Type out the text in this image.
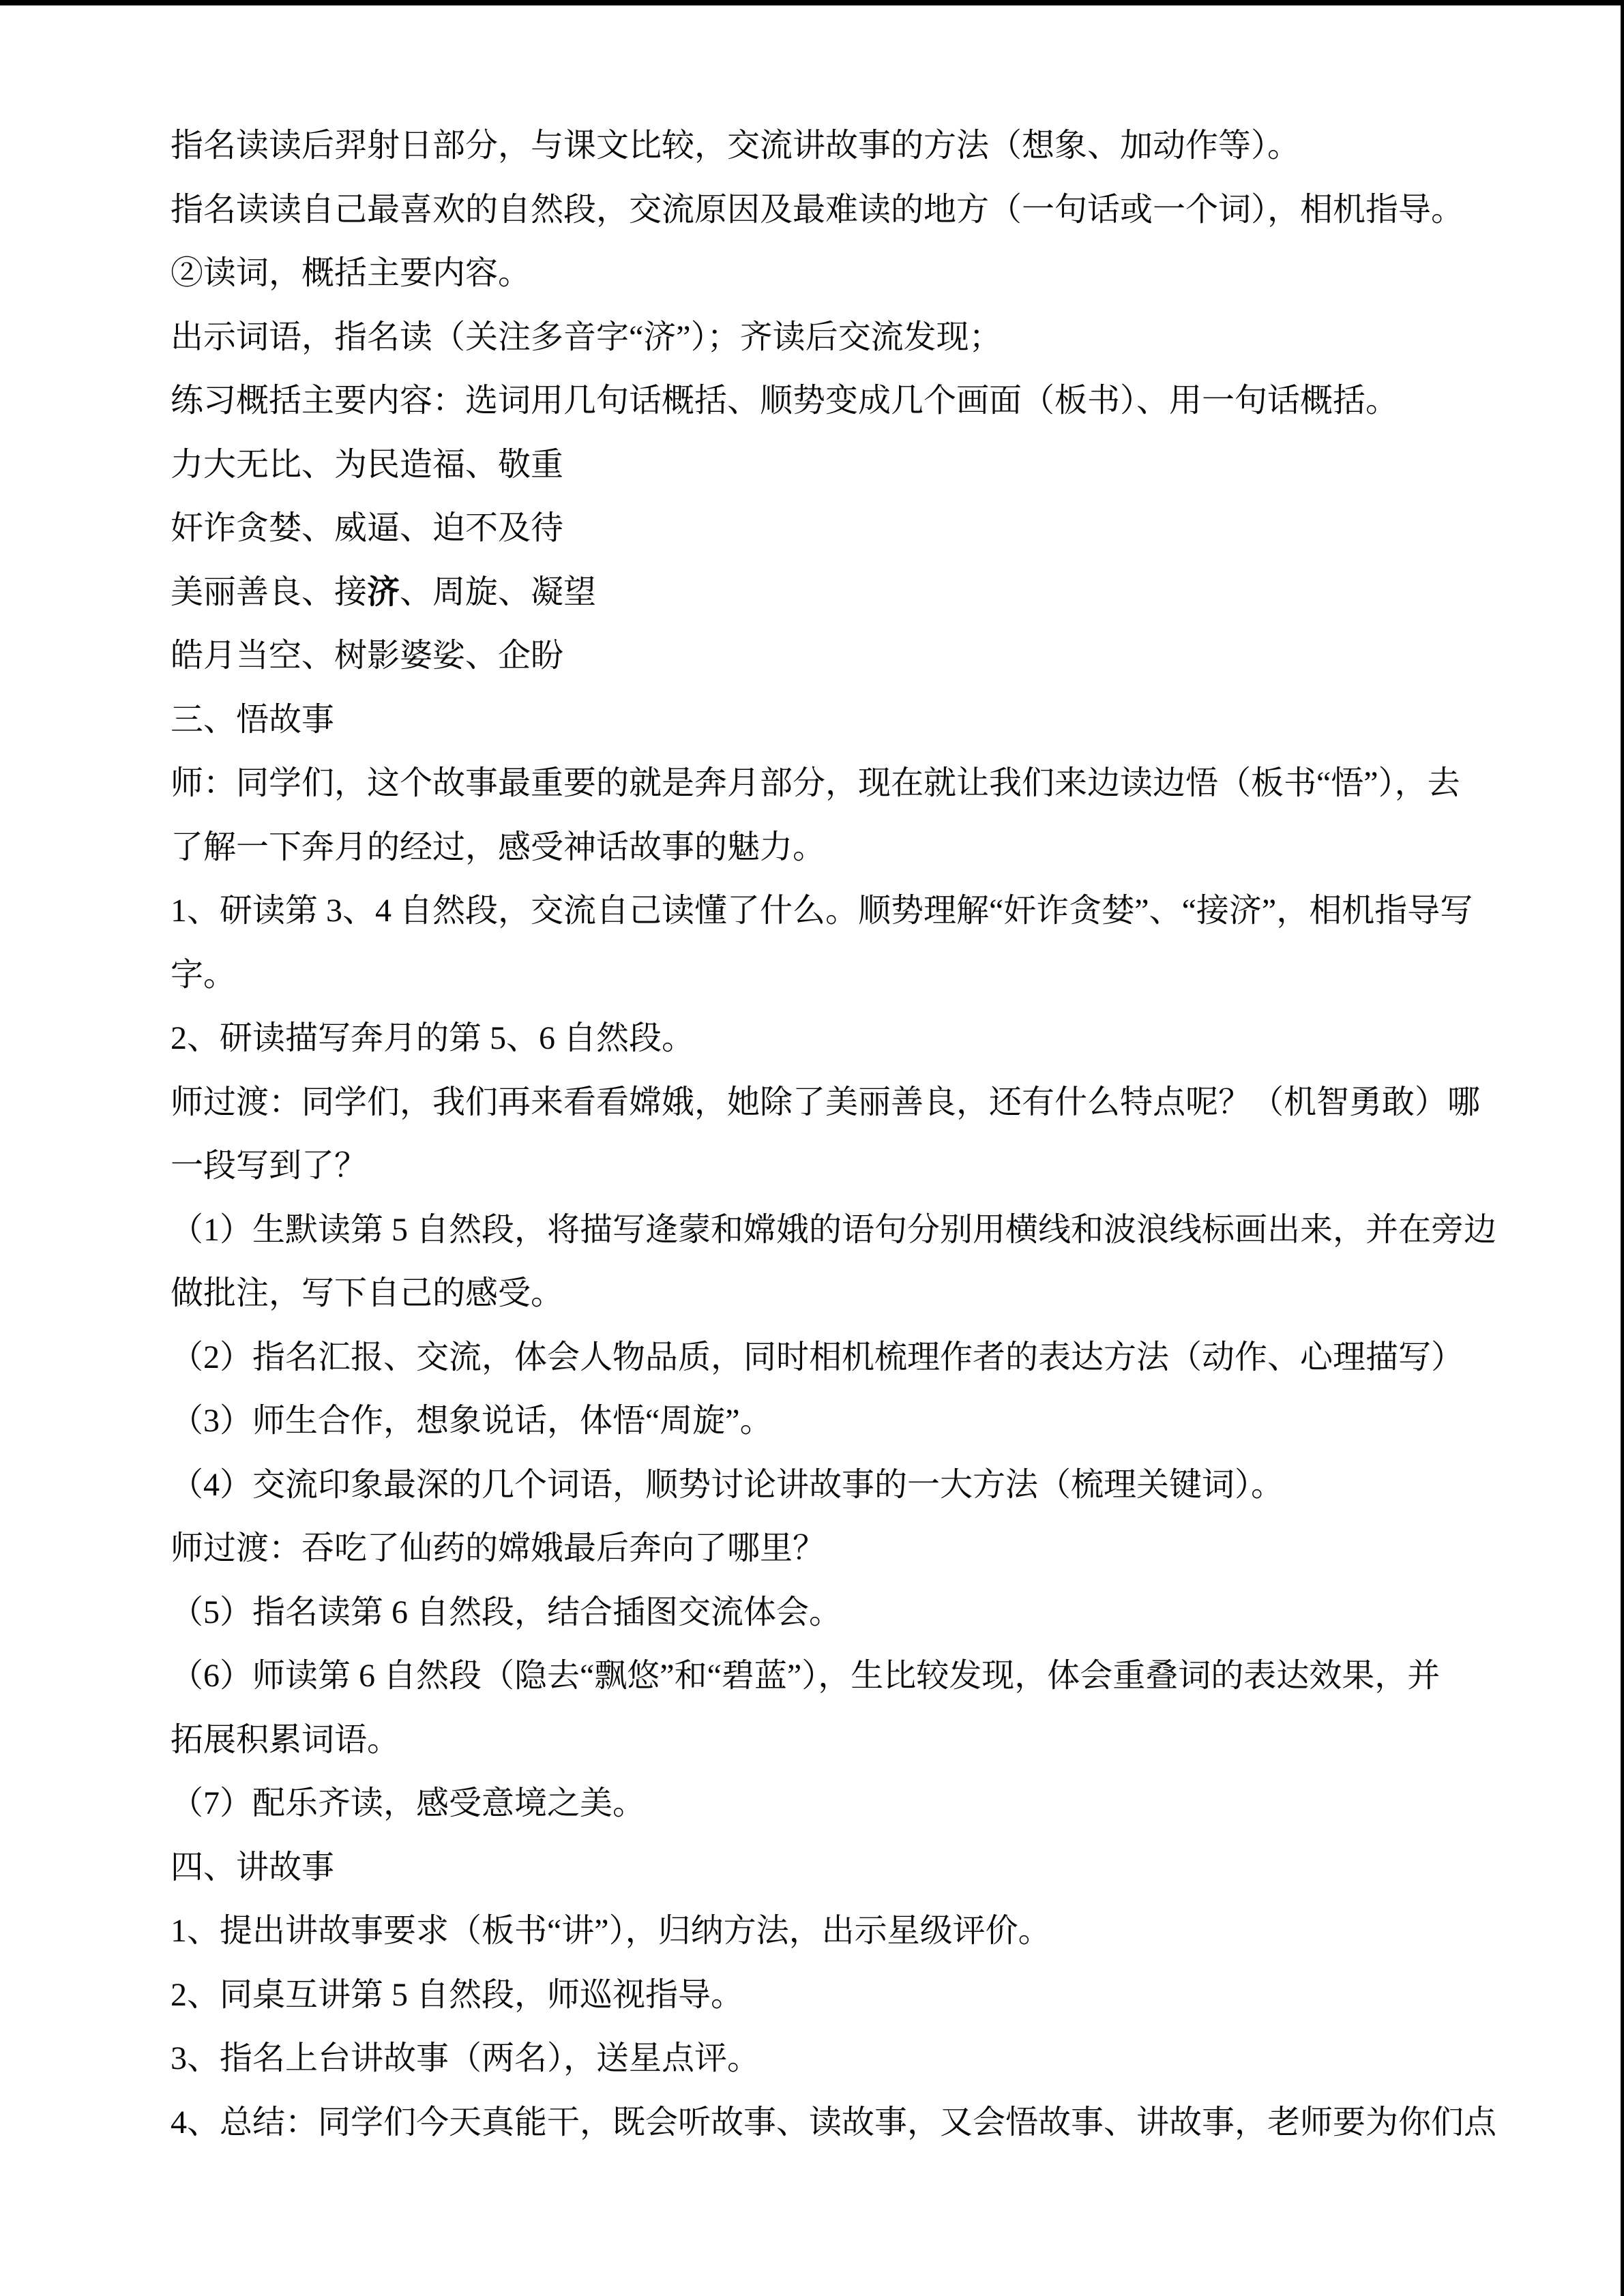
指名读读后羿射日部分，与课文比较，交流讲故事的方法（想象、加动作等）。

指名读读自己最喜欢的自然段，交流原因及最难读的地方（一句话或一个词），相机指导。

②读词，概括主要内容。

出示词语，指名读（关注多音字“济”）；齐读后交流发现；

练习概括主要内容：选词用几句话概括、顺势变成几个画面（板书）、用一句话概括。

力大无比、为民造福、敬重

奸诈贪婪、威逼、迫不及待

美丽善良、接济、周旋、凝望

皓月当空、树影婆娑、企盼

三、悟故事

师：同学们，这个故事最重要的就是奔月部分，现在就让我们来边读边悟（板书“悟”），去

了解一下奔月的经过，感受神话故事的魅力。

1、研读第 3、4 自然段，交流自己读懂了什么。顺势理解“奸诈贪婪”、“接济”，相机指导写

字。

2、研读描写奔月的第 5、6 自然段。

师过渡：同学们，我们再来看看嫦娥，她除了美丽善良，还有什么特点呢？（机智勇敢）哪

一段写到了？

（1）生默读第 5 自然段，将描写逄蒙和嫦娥的语句分别用横线和波浪线标画出来，并在旁边

做批注，写下自己的感受。

（2）指名汇报、交流，体会人物品质，同时相机梳理作者的表达方法（动作、心理描写）

（3）师生合作，想象说话，体悟“周旋”。

（4）交流印象最深的几个词语，顺势讨论讲故事的一大方法（梳理关键词）。

师过渡：吞吃了仙药的嫦娥最后奔向了哪里？

（5）指名读第 6 自然段，结合插图交流体会。

（6）师读第 6 自然段（隐去“飘悠”和“碧蓝”），生比较发现，体会重叠词的表达效果，并

拓展积累词语。

（7）配乐齐读，感受意境之美。

四、讲故事

1、提出讲故事要求（板书“讲”），归纳方法，出示星级评价。

2、同桌互讲第 5 自然段，师巡视指导。

3、指名上台讲故事（两名），送星点评。

4、总结：同学们今天真能干，既会听故事、读故事，又会悟故事、讲故事，老师要为你们点
